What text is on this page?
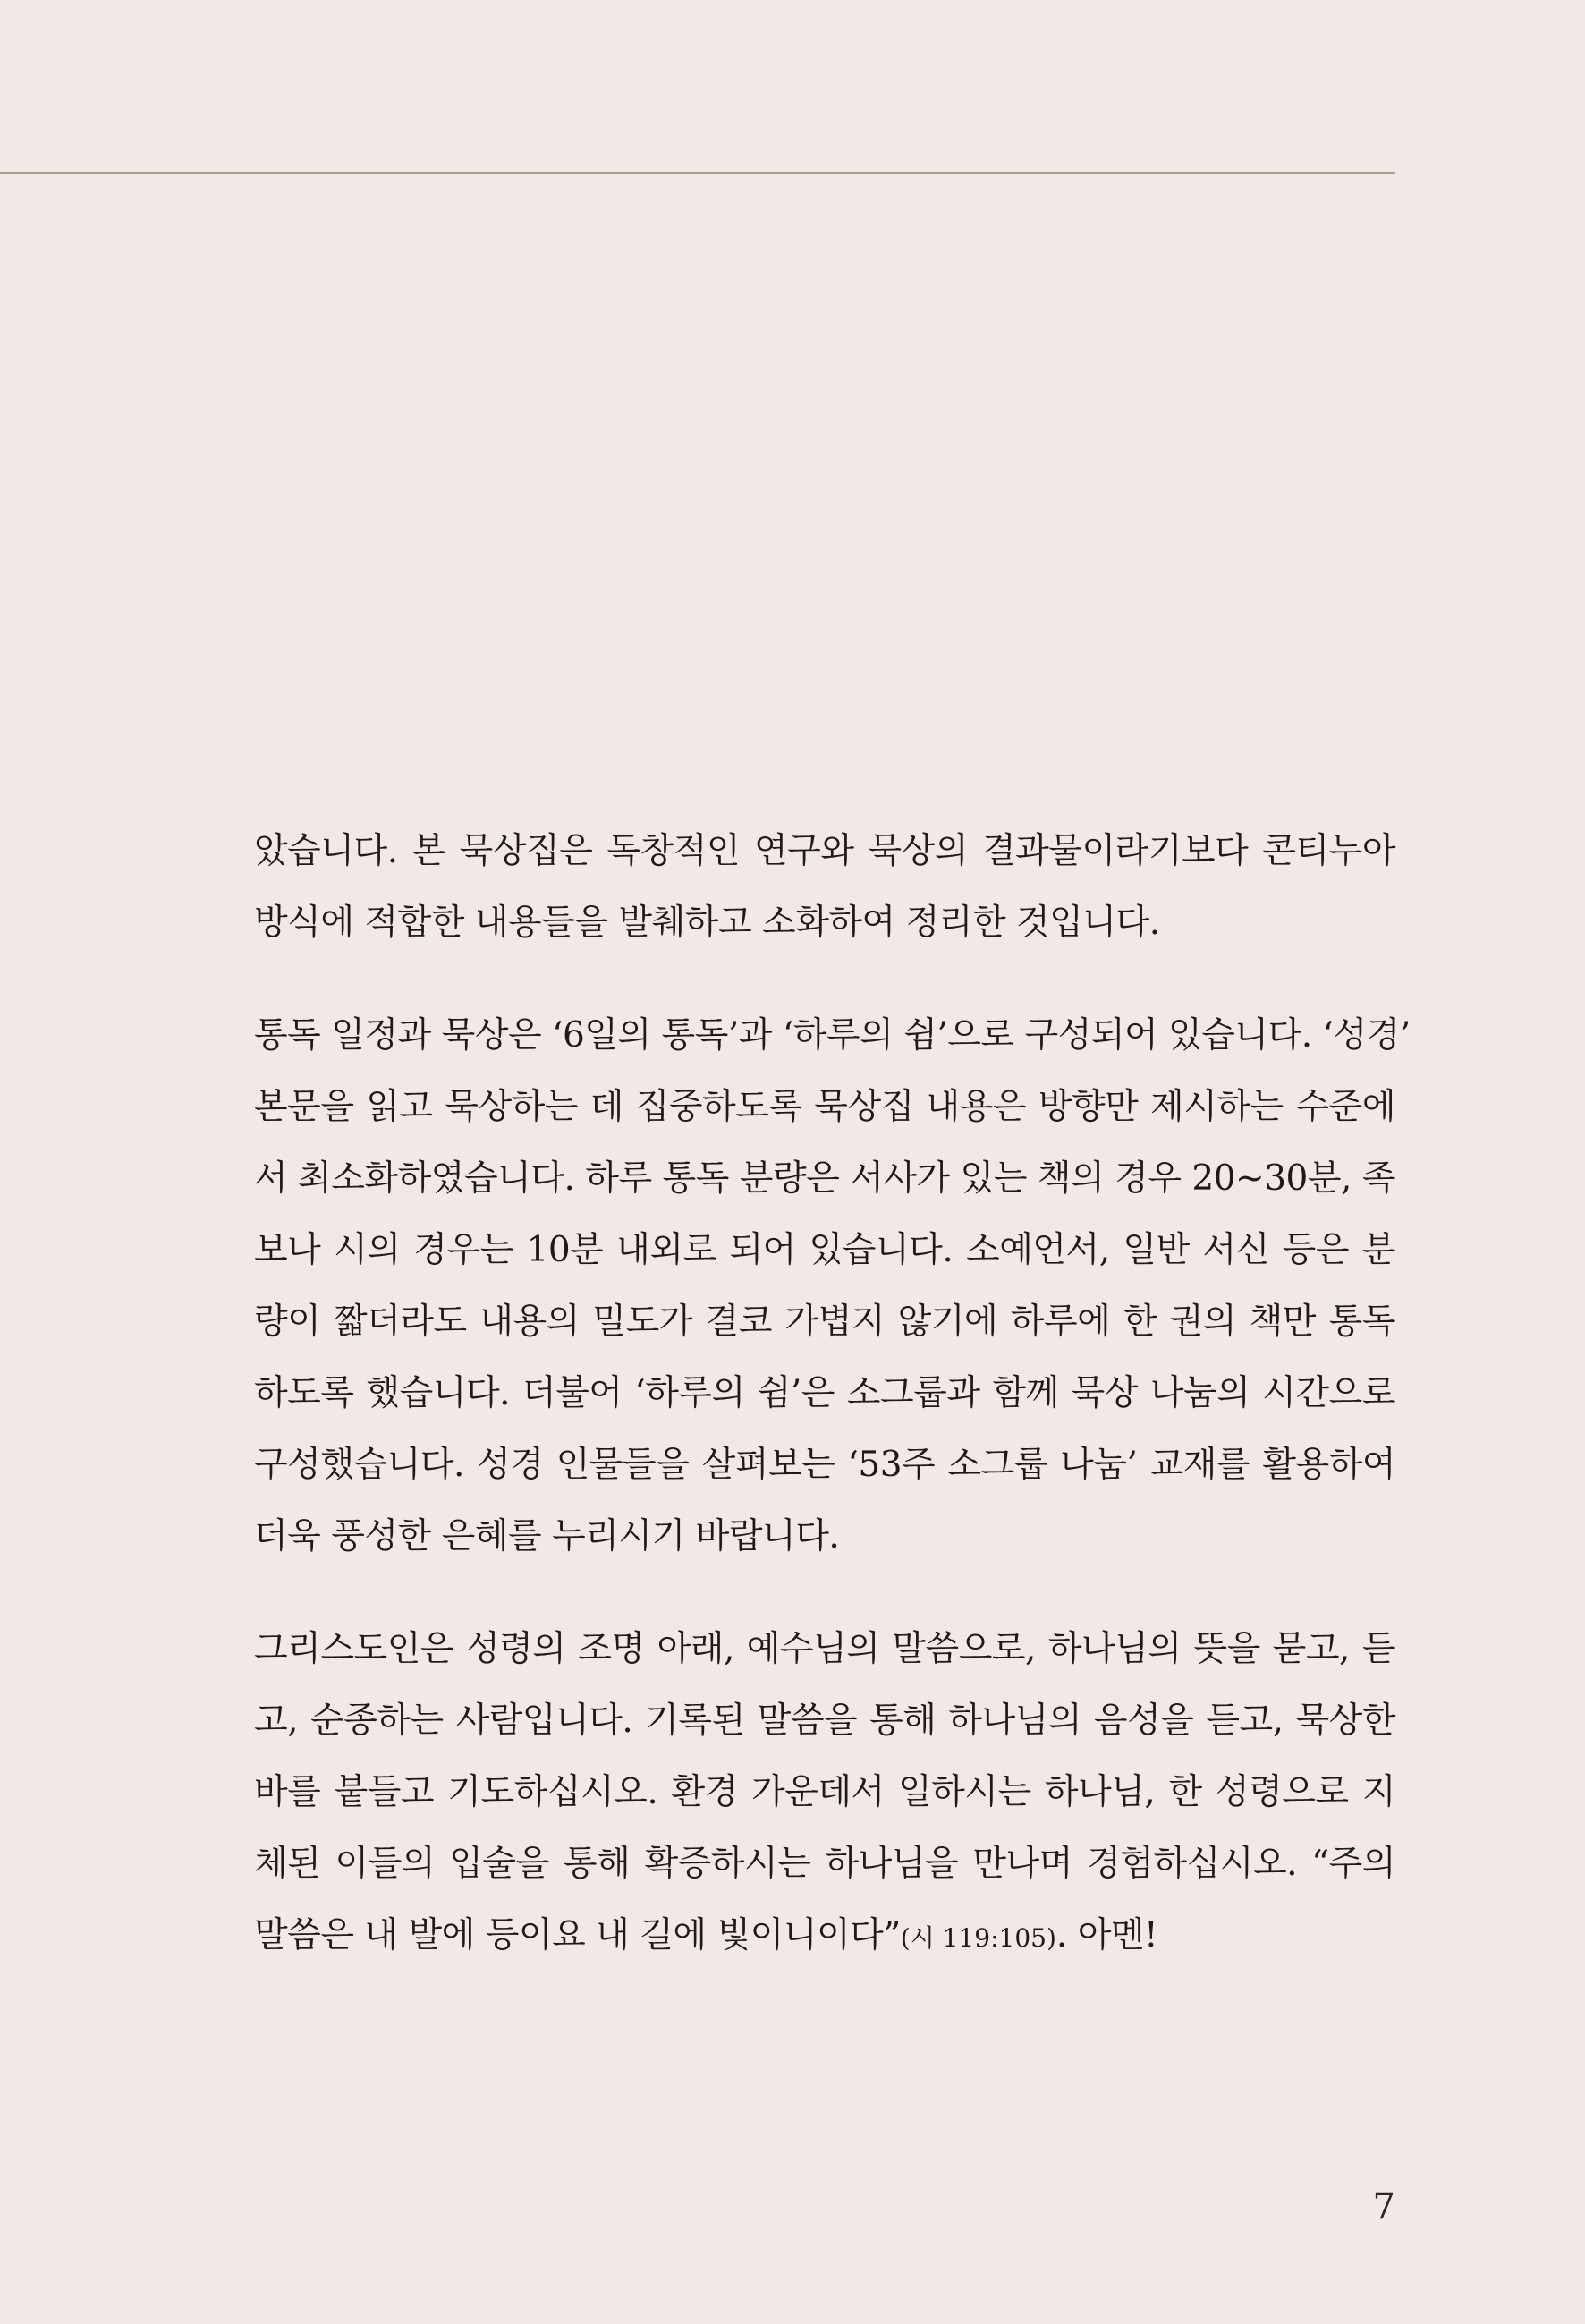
았습니다. 본 묵상집은 독창적인 연구와 묵상의 결과물이라기보다 콘티누아
방식에 적합한 내용들을 발췌하고 소화하여 정리한 것입니다.
통독 일정과 묵상은 ‘6일의 통독’과 ‘하루의 쉼’으로 구성되어 있습니다. ‘성경’
본문을 읽고 묵상하는 데 집중하도록 묵상집 내용은 방향만 제시하는 수준에
서 최소화하였습니다. 하루 통독 분량은 서사가 있는 책의 경우 20~30분, 족
보나 시의 경우는 10분 내외로 되어 있습니다. 소예언서, 일반 서신 등은 분
량이 짧더라도 내용의 밀도가 결코 가볍지 않기에 하루에 한 권의 책만 통독
하도록 했습니다. 더불어 ‘하루의 쉼’은 소그룹과 함께 묵상 나눔의 시간으로
구성했습니다. 성경 인물들을 살펴보는 ‘53주 소그룹 나눔’ 교재를 활용하여
더욱 풍성한 은혜를 누리시기 바랍니다.
그리스도인은 성령의 조명 아래, 예수님의 말씀으로, 하나님의 뜻을 묻고, 듣
고, 순종하는 사람입니다. 기록된 말씀을 통해 하나님의 음성을 듣고, 묵상한
바를 붙들고 기도하십시오. 환경 가운데서 일하시는 하나님, 한 성령으로 지
체된 이들의 입술을 통해 확증하시는 하나님을 만나며 경험하십시오. “주의
말씀은 내 발에 등이요 내 길에 빛이니이다”(시 119:105). 아멘!
7
